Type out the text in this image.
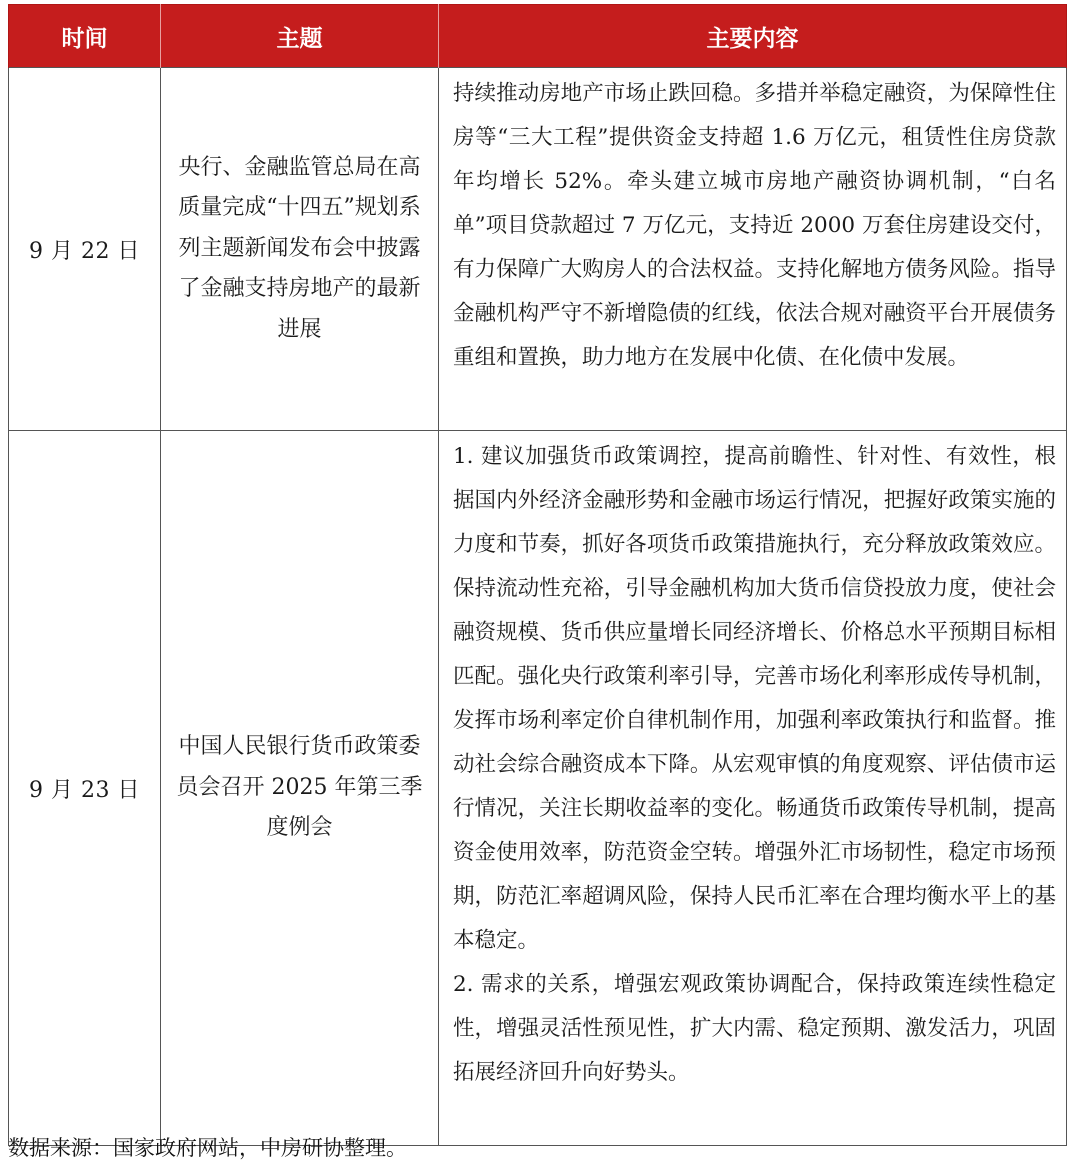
时间	主题	主要内容
9 月 22 日	央行、金融监管总局在高质量完成“十四五”规划系列主题新闻发布会中披露了金融支持房地产的最新进展	持续推动房地产市场止跌回稳。多措并举稳定融资，为保障性住房等“三大工程”提供资金支持超 1.6 万亿元，租赁性住房贷款年均增长 52%。牵头建立城市房地产融资协调机制，“白名单”项目贷款超过 7 万亿元，支持近 2000 万套住房建设交付，有力保障广大购房人的合法权益。支持化解地方债务风险。指导金融机构严守不新增隐债的红线，依法合规对融资平台开展债务重组和置换，助力地方在发展中化债、在化债中发展。

9 月 23 日	中国人民银行货币政策委员会召开 2025 年第三季度例会	1. 建议加强货币政策调控，提高前瞻性、针对性、有效性，根据国内外经济金融形势和金融市场运行情况，把握好政策实施的力度和节奏，抓好各项货币政策措施执行，充分释放政策效应。保持流动性充裕，引导金融机构加大货币信贷投放力度，使社会融资规模、货币供应量增长同经济增长、价格总水平预期目标相匹配。强化央行政策利率引导，完善市场化利率形成传导机制，发挥市场利率定价自律机制作用，加强利率政策执行和监督。推动社会综合融资成本下降。从宏观审慎的角度观察、评估债市运行情况，关注长期收益率的变化。畅通货币政策传导机制，提高资金使用效率，防范资金空转。增强外汇市场韧性，稳定市场预期，防范汇率超调风险，保持人民币汇率在合理均衡水平上的基本稳定。

2. 需求的关系，增强宏观政策协调配合，保持政策连续性稳定性，增强灵活性预见性，扩大内需、稳定预期、激发活力，巩固拓展经济回升向好势头。

数据来源：国家政府网站，中房研协整理。
